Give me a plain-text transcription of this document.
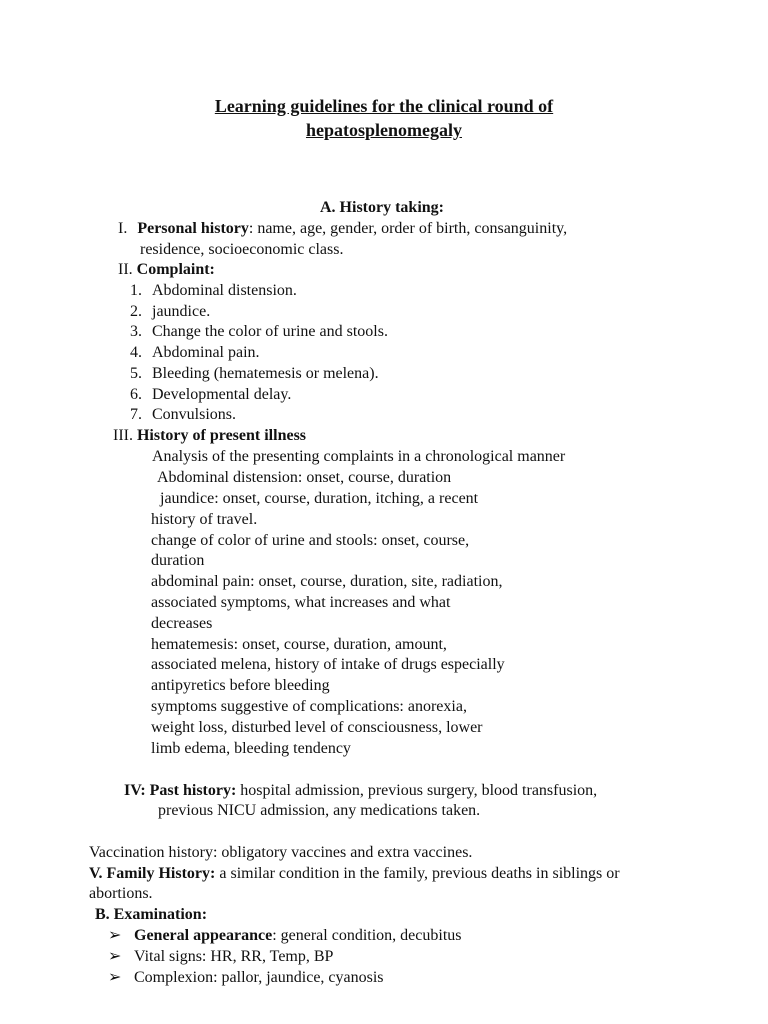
Learning guidelines for the clinical round of
hepatosplenomegaly
A. History taking:
I. Personal history: name, age, gender, order of birth, consanguinity,
residence, socioeconomic class.
II. Complaint:
1. Abdominal distension.
2. jaundice.
3. Change the color of urine and stools.
4. Abdominal pain.
5. Bleeding (hematemesis or melena).
6. Developmental delay.
7. Convulsions.
III. History of present illness
Analysis of the presenting complaints in a chronological manner
Abdominal distension: onset, course, duration
jaundice: onset, course, duration, itching, a recent
history of travel.
change of color of urine and stools: onset, course,
duration
abdominal pain: onset, course, duration, site, radiation,
associated symptoms, what increases and what
decreases
hematemesis: onset, course, duration, amount,
associated melena, history of intake of drugs especially
antipyretics before bleeding
symptoms suggestive of complications: anorexia,
weight loss, disturbed level of consciousness, lower
limb edema, bleeding tendency
IV: Past history: hospital admission, previous surgery, blood transfusion,
previous NICU admission, any medications taken.
Vaccination history: obligatory vaccines and extra vaccines.
V. Family History: a similar condition in the family, previous deaths in siblings or
abortions.
B. Examination:
➢ General appearance: general condition, decubitus
➢ Vital signs: HR, RR, Temp, BP
➢ Complexion: pallor, jaundice, cyanosis
